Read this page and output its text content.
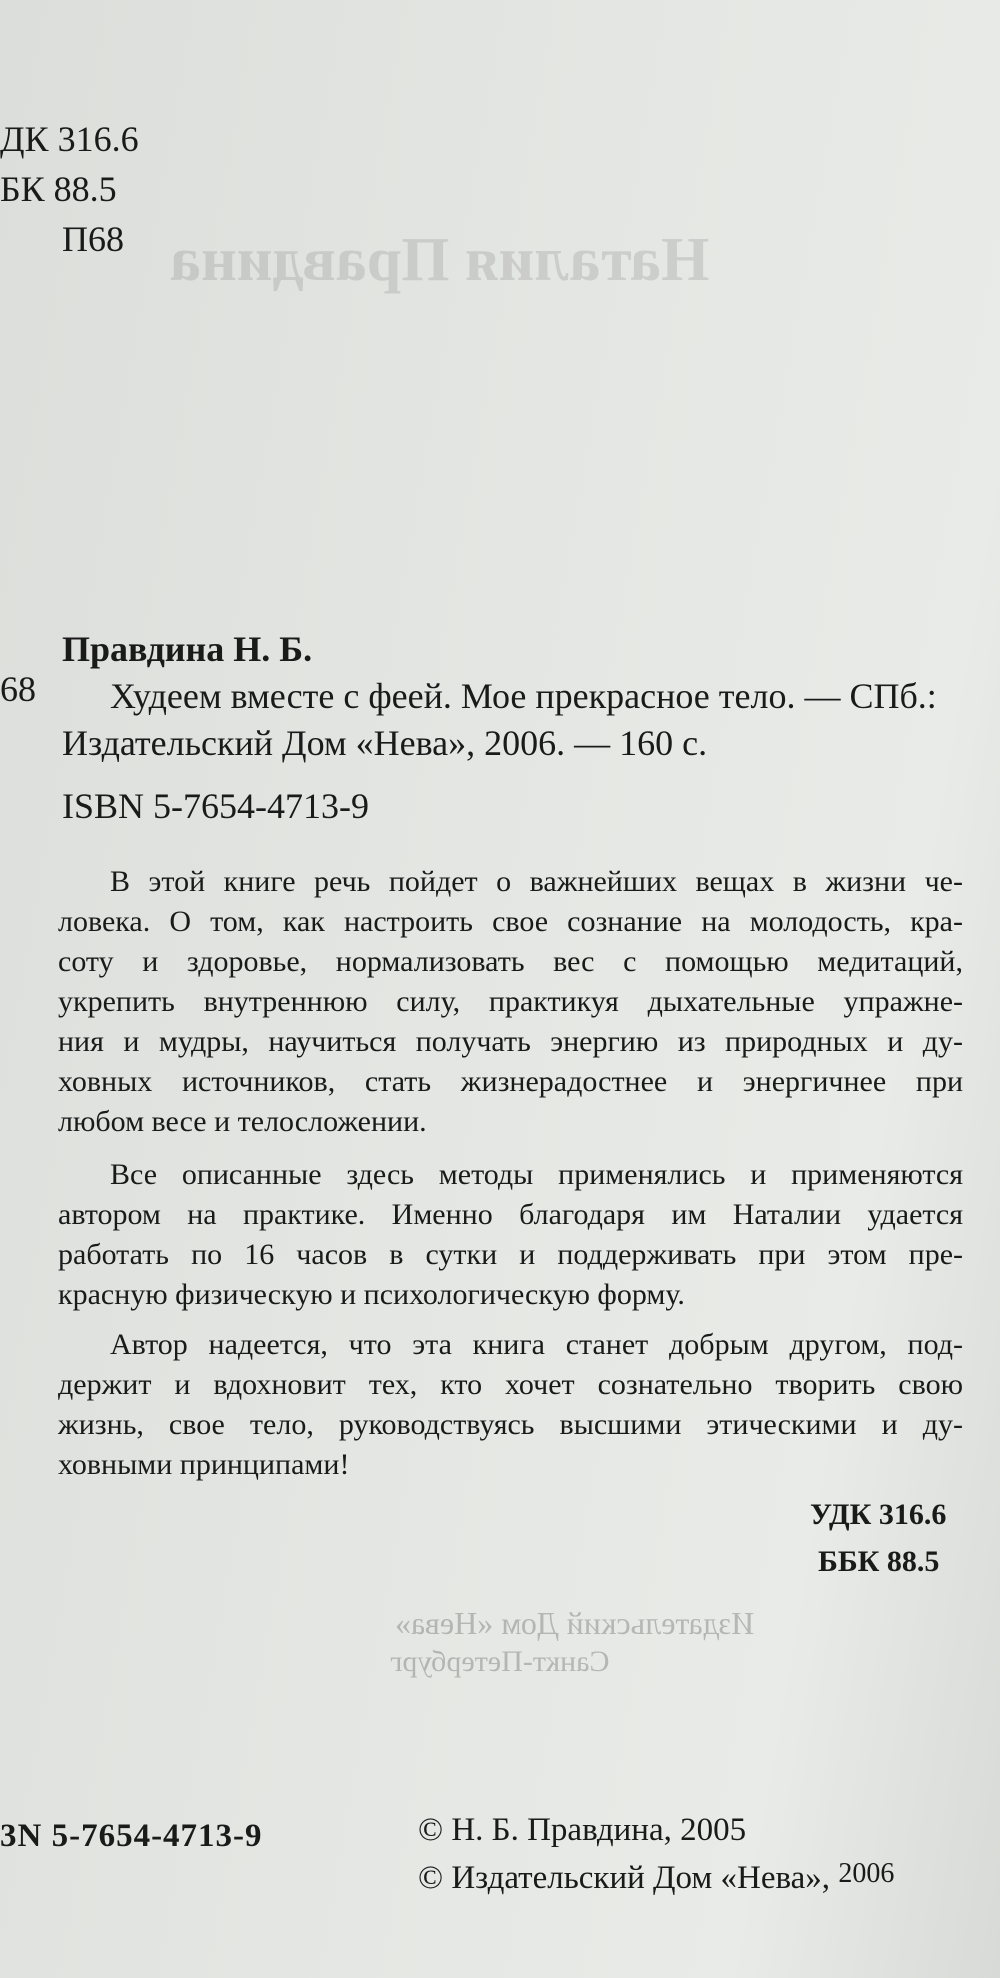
Наталия Правдина
Издательский Дом «Нева»
Санкт-Петербург
ДК 316.6
БК 88.5
П68
68
Правдина Н. Б.
Худеем вместе с феей. Мое прекрасное тело. — СПб.:
Издательский Дом «Нева», 2006. — 160 с.
ISBN 5-7654-4713-9
В этой книге речь пойдет о важнейших вещах в жизни че-
ловека. О том, как настроить свое сознание на молодость, кра-
соту и здоровье, нормализовать вес с помощью медитаций,
укрепить внутреннюю силу, практикуя дыхательные упражне-
ния и мудры, научиться получать энергию из природных и ду-
ховных источников, стать жизнерадостнее и энергичнее при
любом весе и телосложении.
Все описанные здесь методы применялись и применяются
автором на практике. Именно благодаря им Наталии удается
работать по 16 часов в сутки и поддерживать при этом пре-
красную физическую и психологическую форму.
Автор надеется, что эта книга станет добрым другом, под-
держит и вдохновит тех, кто хочет сознательно творить свою
жизнь, свое тело, руководствуясь высшими этическими и ду-
ховными принципами!
УДК 316.6
ББК 88.5
3N 5-7654-4713-9	© Н. Б. Правдина, 2005
© Издательский Дом «Нева», 2006
